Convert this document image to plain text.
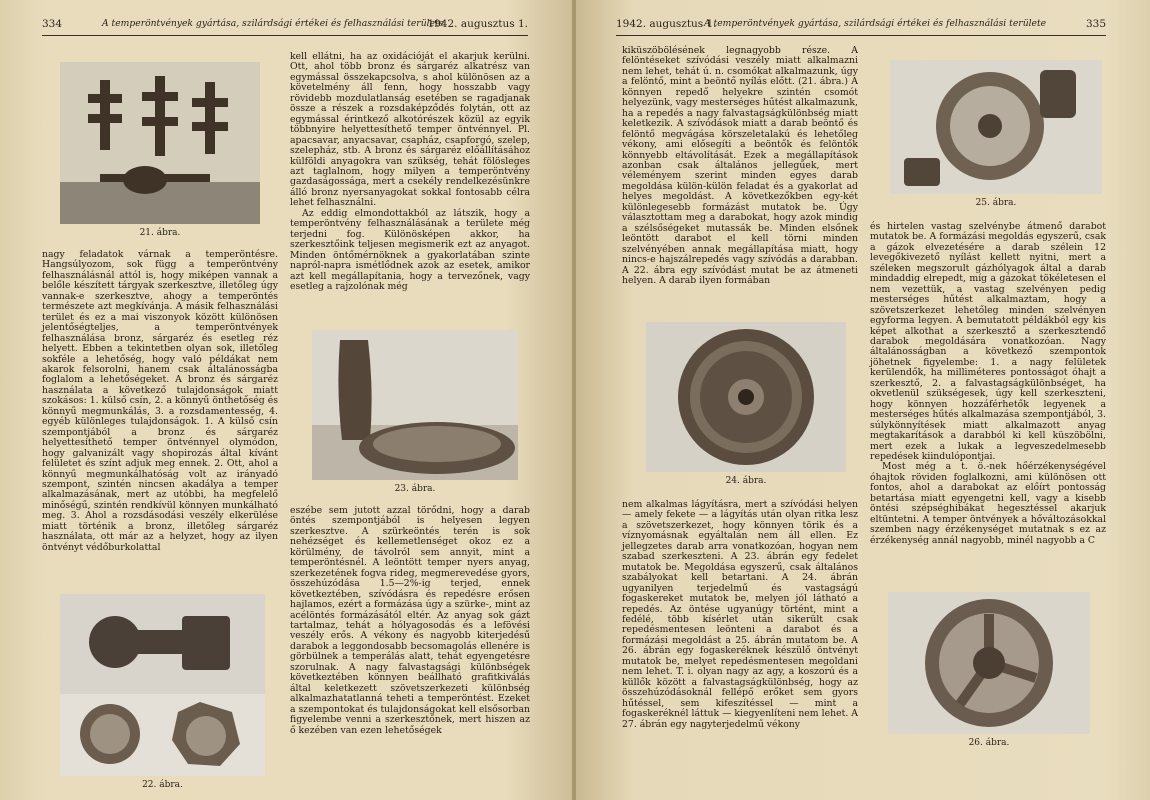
334	A temperöntvények gyártása, szilárdsági értékei és felhasználási területe
1942. augusztus 1.
21. ábra.

nagy feladatok várnak a temperöntésre. Hangsúlyozom, sok függ a temperöntvény felhasználásnál attól is, hogy miképen vannak a belőle készített tárgyak szerkesztve, illetőleg úgy vannak-e szerkesztve, ahogy a temperöntés természete azt megkívánja. A másik felhasználási terület és ez a mai viszonyok között különösen jelentőségteljes, a temperöntvények felhasználása bronz, sárgaréz és esetleg réz helyett. Ebben a tekintetben olyan sok, illetőleg sokféle a lehetőség, hogy való példákat nem akarok felsorolni, hanem csak általánosságba foglalom a lehetőségeket. A bronz és sárgaréz használata a következő tulajdonságok miatt szokásos: 1. külső csín, 2. a könnyű önthetőség és könnyű megmunkálás, 3. a rozsdamentesség, 4. egyéb különleges tulajdonságok. 1. A külső csín szempontjából a bronz és sárgaréz helyettesíthető temper öntvénnyel olymódon, hogy galvanizált vagy shopirozás által kívánt felületet és színt adjuk meg ennek. 2. Ott, ahol a könnyű megmunkálhatóság volt az irányadó szempont, szintén nincsen akadálya a temper alkalmazásának, mert az utóbbi, ha megfelelő minőségű, szintén rendkívül könnyen munkálható meg. 3. Ahol a rozsdásodási veszély elkerülése miatt történik a bronz, illetőleg sárgaréz használata, ott már az a helyzet, hogy az ilyen öntvényt védőburkolattal

22. ábra.

kell ellátni, ha az oxidációját el akarjuk kerülni. Ott, ahol több bronz és sárgaréz alkatrész van egymással összekapcsolva, s ahol különösen az a követelmény áll fenn, hogy hosszabb vagy rövidebb mozdulatlanság esetében se ragadjanak össze a részek a rozsdaképződés folytán, ott az egymással érintkező alkotórészek közül az egyik többnyire helyettesíthető temper öntvénnyel. Pl. apacsavar, anyacsavar, csapház, csapforgó, szelep, szelepház, stb. A bronz és sárgaréz előállításához külföldi anyagokra van szükség, tehát fölösleges azt taglalnom, hogy milyen a temperöntvény gazdaságossága, mert a csekély rendelkezésünkre álló bronz nyersanyagokat sokkal fontosabb célra lehet felhasználni.

Az eddig elmondottakból az látszik, hogy a temperöntvény felhasználásának a területe még terjedni fog. Különösképen akkor, ha szerkesztőink teljesen megismerik ezt az anyagot. Minden öntőmérnöknek a gyakorlatában szinte napról-napra ismétlődnek azok az esetek, amikor azt kell megállapítania, hogy a tervezőnek, vagy esetleg a rajzolónak még

23. ábra.

eszébe sem jutott azzal törődni, hogy a darab öntés szempontjából is helyesen legyen szerkesztve. A szürkeöntés terén is sok nehézséget és kellemetlenséget okoz ez a körülmény, de távolról sem annyit, mint a temperöntésnél. A leöntött temper nyers anyag, szerkezetének fogva rideg, megmerevedése gyors, összehúzódása 1.5—2%-ig terjed, ennek következtében, szívódásra és repedésre erősen hajlamos, ezért a formázása úgy a szürke-, mint az acélöntés formázásától eltér. Az anyag sok gázt tartalmaz, tehát a hólyagosodás és a lefövési veszély erős. A vékony és nagyobb kiterjedésű darabok a leggondosabb becsomagolás ellenére is görbülnek a temperálás alatt, tehát egyengetésre szorulnak. A nagy falvastagsági különbségek következtében könnyen beállható grafitkiválás által keletkezett szövetszerkezeti különbség alkalmazhatatlanná teheti a temperöntést. Ezeket a szempontokat és tulajdonságokat kell elsősorban figyelembe venni a szerkesztőnek, mert hiszen az ő kezében van ezen lehetőségek

1942. augusztus 1.
A temperöntvények gyártása, szilárdsági értékei és felhasználási területe	335

kiküszöbölésének legnagyobb része. A felöntéseket szívódási veszély miatt alkalmazni nem lehet, tehát ú. n. csomókat alkalmazunk, úgy a felöntő, mint a beöntő nyílás előtt. (21. ábra.) A könnyen repedő helyekre szintén csomót helyezünk, vagy mesterséges hűtést alkalmazunk, ha a repedés a nagy falvastagságkülönbség miatt keletkezik. A szívódások miatt a darab beöntő és felöntő megvágása körszeletalakú és lehetőleg vékony, ami elősegíti a beöntők és felöntők könnyebb eltávolítását. Ezek a megállapítások azonban csak általános jellegűek, mert véleményem szerint minden egyes darab megoldása külön-külön feladat és a gyakorlat ad helyes megoldást. A következőkben egy-két különlegesebb formázást mutatok be. Úgy választottam meg a darabokat, hogy azok mindig a szélsőségeket mutassák be. Minden elsőnek leöntött darabot el kell törni minden szelvényében annak megállapítása miatt, hogy nincs-e hajszálrepedés vagy szívódás a darabban. A 22. ábra egy szívódást mutat be az átmeneti helyen. A darab ilyen formában

24. ábra.

nem alkalmas lágyításra, mert a szívódási helyen — amely fekete — a lágyítás után olyan ritka lesz a szövetszerkezet, hogy könnyen törik és a víznyomásnak egyáltalán nem áll ellen. Ez jellegzetes darab arra vonatkozóan, hogyan nem szabad szerkeszteni. A 23. ábrán egy fedelet mutatok be. Megoldása egyszerű, csak általános szabályokat kell betartani. A 24. ábrán ugyanilyen terjedelmű és vastagságú fogaskereket mutatok be, melyen jól látható a repedés. Az öntése ugyanúgy történt, mint a fedélé, több kísérlet után sikerült csak repedésmentesen leönteni a darabot és a formázási megoldást a 25. ábrán mutatom be. A 26. ábrán egy fogaskeréknek készülő öntvényt mutatok be, melyet repedésmentesen megoldani nem lehet. T. i. olyan nagy az agy, a koszorú és a küllők között a falvastagságkülönbség, hogy az összehúzódásoknál fellépő erőket sem gyors hűtéssel, sem kifeszítéssel — mint a fogaskeréknél láttuk — kiegyenlíteni nem lehet. A 27. ábrán egy nagyterjedelmű vékony

25. ábra.

és hirtelen vastag szelvénybe átmenő darabot mutatok be. A formázási megoldás egyszerű, csak a gázok elvezetésére a darab szélein 12 levegőkivezető nyílást kellett nyitni, mert a széleken megszorult gázhólyagok által a darab mindaddig elrepedt, míg a gázokat tökéletesen el nem vezettük, a vastag szelvényen pedig mesterséges hűtést alkalmaztam, hogy a szövetszerkezet lehetőleg minden szelvényen egyforma legyen. A bemutatott példákból egy kis képet alkothat a szerkesztő a szerkesztendő darabok megoldására vonatkozóan. Nagy általánosságban a következő szempontok jöhetnek figyelembe: 1. a nagy felületek kerülendők, ha milliméteres pontosságot óhajt a szerkesztő, 2. a falvastagságkülönbséget, ha okvetlenül szükségesek, úgy kell szerkeszteni, hogy könnyen hozzáférhetők legyenek a mesterséges hűtés alkalmazása szempontjából, 3. súlykönnyítések miatt alkalmazott anyag megtakarítások a darabból ki kell küszöbölni, mert ezek a lukak a legveszedelmesebb repedések kiindulópontjai.

Most még a t. ö.-nek hőérzékenységével óhajtok röviden foglalkozni, ami különösen ott fontos, ahol a darabokat az előírt pontosság betartása miatt egyengetni kell, vagy a kisebb öntési szépséghibákat hegesztéssel akarjuk eltüntetni. A temper öntvények a hőváltozásokkal szemben nagy érzékenységet mutatnak s ez az érzékenység annál nagyobb, minél nagyobb a C

26. ábra.
